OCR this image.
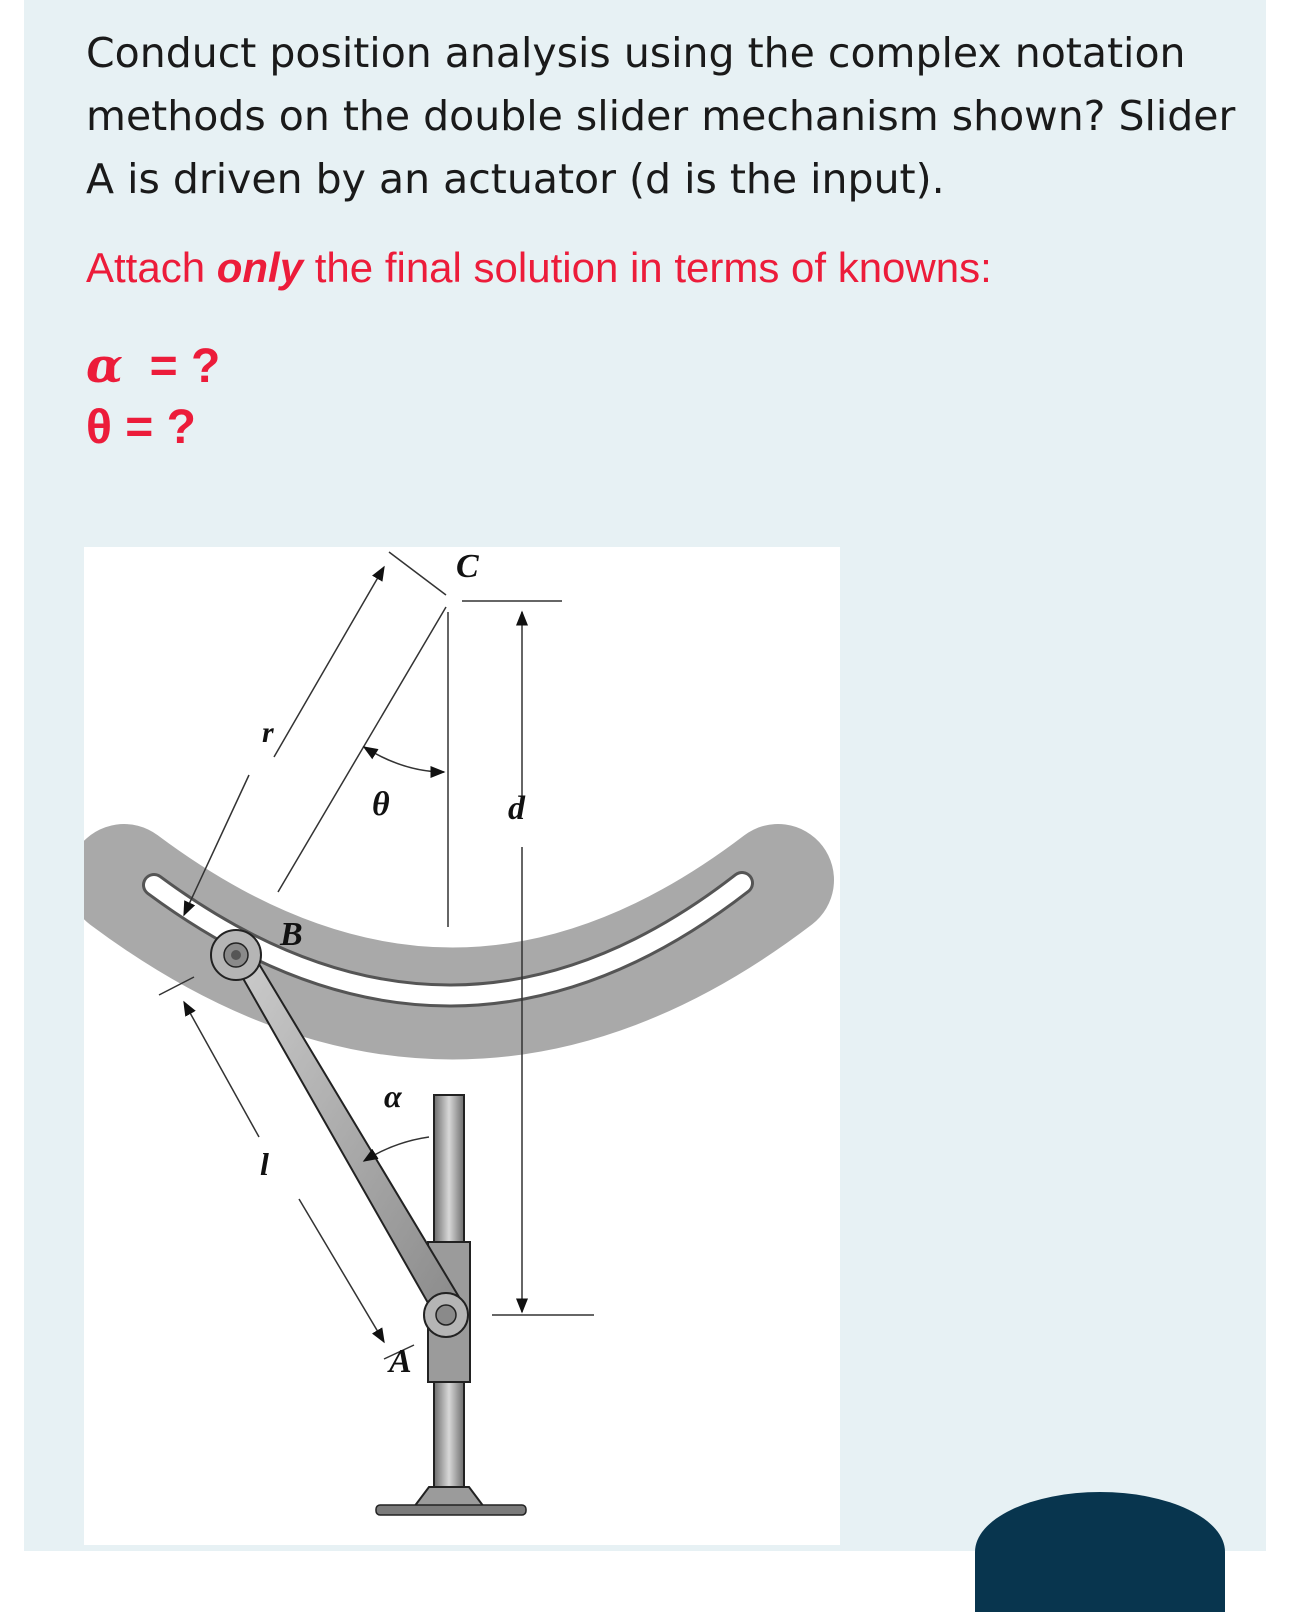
Conduct position analysis using the complex notation methods on the double slider mechanism shown? Slider A is driven by an actuator (d is the input).

Attach only the final solution in terms of knowns:

α  = ?
θ = ?
C
r
θ	d
B
α
l
A
